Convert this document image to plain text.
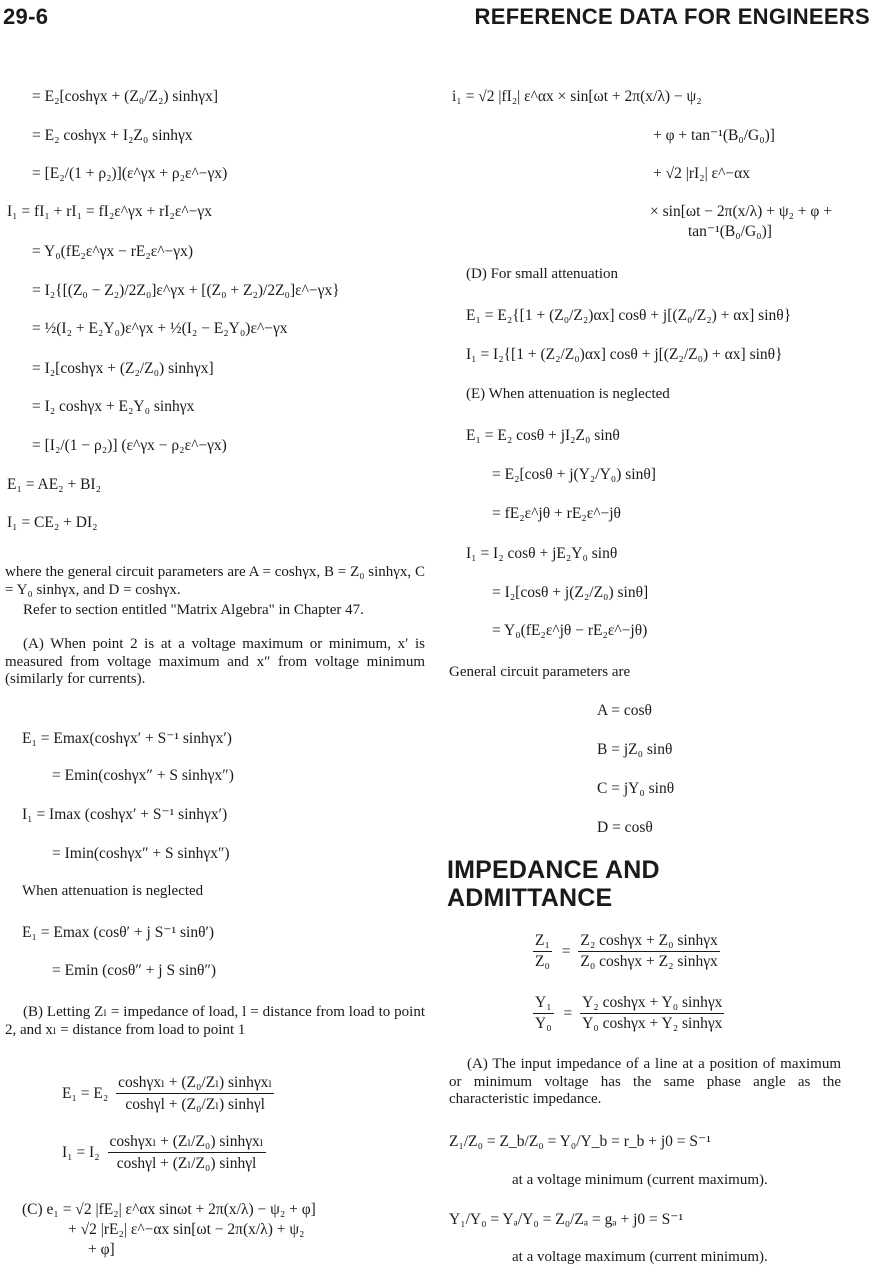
29-6	REFERENCE DATA FOR ENGINEERS
= E₂[coshγx + (Z₀/Z₂) sinhγx]
= E₂ coshγx + I₂Z₀ sinhγx
= [E₂/(1 + ρ₂)](ε^γx + ρ₂ε^−γx)
I₁ = fI₁ + rI₁ = fI₂ε^γx + rI₂ε^−γx
= Y₀(fE₂ε^γx − rE₂ε^−γx)
= I₂{[(Z₀ − Z₂)/2Z₀]ε^γx + [(Z₀ + Z₂)/2Z₀]ε^−γx}
= ½(I₂ + E₂Y₀)ε^γx + ½(I₂ − E₂Y₀)ε^−γx
= I₂[coshγx + (Z₂/Z₀) sinhγx]
= I₂ coshγx + E₂Y₀ sinhγx
= [I₂/(1 − ρ₂)] (ε^γx − ρ₂ε^−γx)
E₁ = AE₂ + BI₂
I₁ = CE₂ + DI₂
where the general circuit parameters are A = coshγx, B = Z₀ sinhγx, C = Y₀ sinhγx, and D = coshγx.
Refer to section entitled "Matrix Algebra" in Chapter 47.
(A) When point 2 is at a voltage maximum or minimum, x′ is measured from voltage maximum and x″ from voltage minimum (similarly for currents).
E₁ = Emax(coshγx′ + S⁻¹ sinhγx′)
= Emin(coshγx″ + S sinhγx″)
I₁ = Imax (coshγx′ + S⁻¹ sinhγx′)
= Imin(coshγx″ + S sinhγx″)
When attenuation is neglected
E₁ = Emax (cosθ′ + j S⁻¹ sinθ′)
= Emin (cosθ″ + j S sinθ″)
(B) Letting Zₗ = impedance of load, l = distance from load to point 2, and xₗ = distance from load to point 1
$E_1 = E_2 \frac{\text{coshγxₗ + (Z₀/Zₗ) sinhγxₗ}}{\text{coshγl + (Z₀/Zₗ) sinhγl}}$
$I_1 = I_2 \frac{\text{coshγxₗ + (Zₗ/Z₀) sinhγxₗ}}{\text{coshγl + (Zₗ/Z₀) sinhγl}}$
(C) e₁ = √2 |fE₂| ε^αx sinωt + 2π(x/λ) − ψ₂ + φ]
+ √2 |rE₂| ε^−αx sin[ωt − 2π(x/λ) + ψ₂
+ φ]
i₁ = √2 |fI₂| ε^αx × sin[ωt + 2π(x/λ) − ψ₂
+ φ + tan⁻¹(B₀/G₀)]
+ √2 |rI₂| ε^−αx
× sin[ωt − 2π(x/λ) + ψ₂ + φ +
tan⁻¹(B₀/G₀)]
(D) For small attenuation
E₁ = E₂{[1 + (Z₀/Z₂)αx] cosθ + j[(Z₀/Z₂) + αx] sinθ}
I₁ = I₂{[1 + (Z₂/Z₀)αx] cosθ + j[(Z₂/Z₀) + αx] sinθ}
(E) When attenuation is neglected
E₁ = E₂ cosθ + jI₂Z₀ sinθ
= E₂[cosθ + j(Y₂/Y₀) sinθ]
= fE₂ε^jθ + rE₂ε^−jθ
I₁ = I₂ cosθ + jE₂Y₀ sinθ
= I₂[cosθ + j(Z₂/Z₀) sinθ]
= Y₀(fE₂ε^jθ − rE₂ε^−jθ)
General circuit parameters are
A = cosθ
B = jZ₀ sinθ
C = jY₀ sinθ
D = cosθ
IMPEDANCE AND
ADMITTANCE
$\frac{\text{Z₁}}{\text{Z₀}} = \frac{\text{Z₂ coshγx + Z₀ sinhγx}}{\text{Z₀ coshγx + Z₂ sinhγx}}$
$\frac{\text{Y₁}}{\text{Y₀}} = \frac{\text{Y₂ coshγx + Y₀ sinhγx}}{\text{Y₀ coshγx + Y₂ sinhγx}}$
(A) The input impedance of a line at a position of maximum or minimum voltage has the same phase angle as the characteristic impedance.
Z₁/Z₀ = Z_b/Z₀ = Y₀/Y_b = r_b + j0 = S⁻¹
at a voltage minimum (current maximum).
Y₁/Y₀ = Yₐ/Y₀ = Z₀/Zₐ = gₐ + j0 = S⁻¹
at a voltage maximum (current minimum).
